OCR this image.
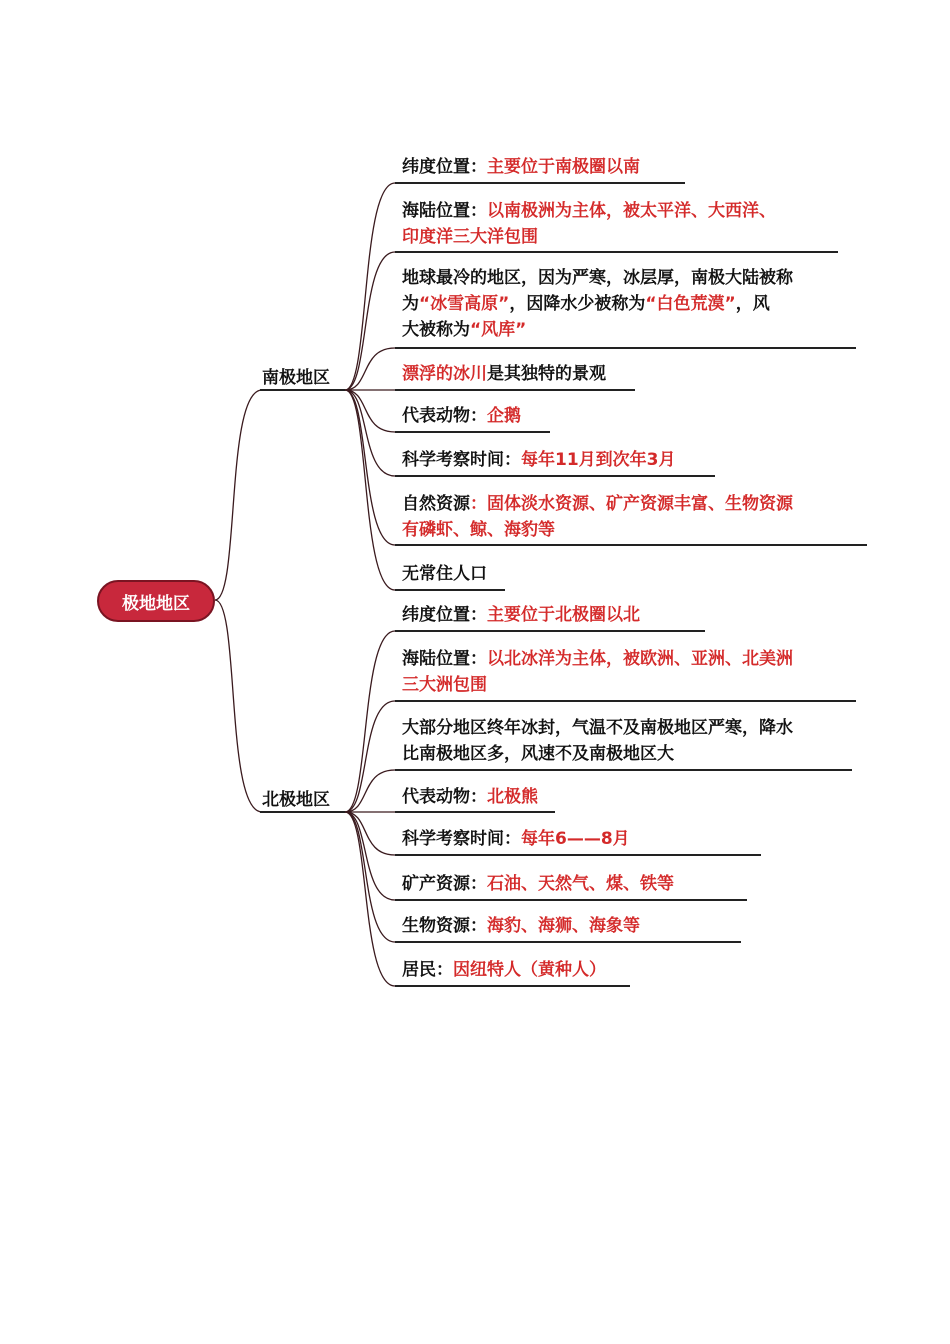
极地地区
南极地区
北极地区
纬度位置：主要位于南极圈以南
海陆位置：以南极洲为主体，被太平洋、大西洋、
印度洋三大洋包围
地球最冷的地区，因为严寒，冰层厚，南极大陆被称
为“冰雪高原”，因降水少被称为“白色荒漠”，风
大被称为“风库”
漂浮的冰川是其独特的景观
代表动物：企鹅
科学考察时间：每年11月到次年3月
自然资源：固体淡水资源、矿产资源丰富、生物资源
有磷虾、鲸、海豹等
无常住人口
纬度位置：主要位于北极圈以北
海陆位置：以北冰洋为主体，被欧洲、亚洲、北美洲
三大洲包围
大部分地区终年冰封，气温不及南极地区严寒，降水
比南极地区多，风速不及南极地区大
代表动物：北极熊
科学考察时间：每年6——8月
矿产资源：石油、天然气、煤、铁等
生物资源：海豹、海狮、海象等
居民：因纽特人（黄种人）
